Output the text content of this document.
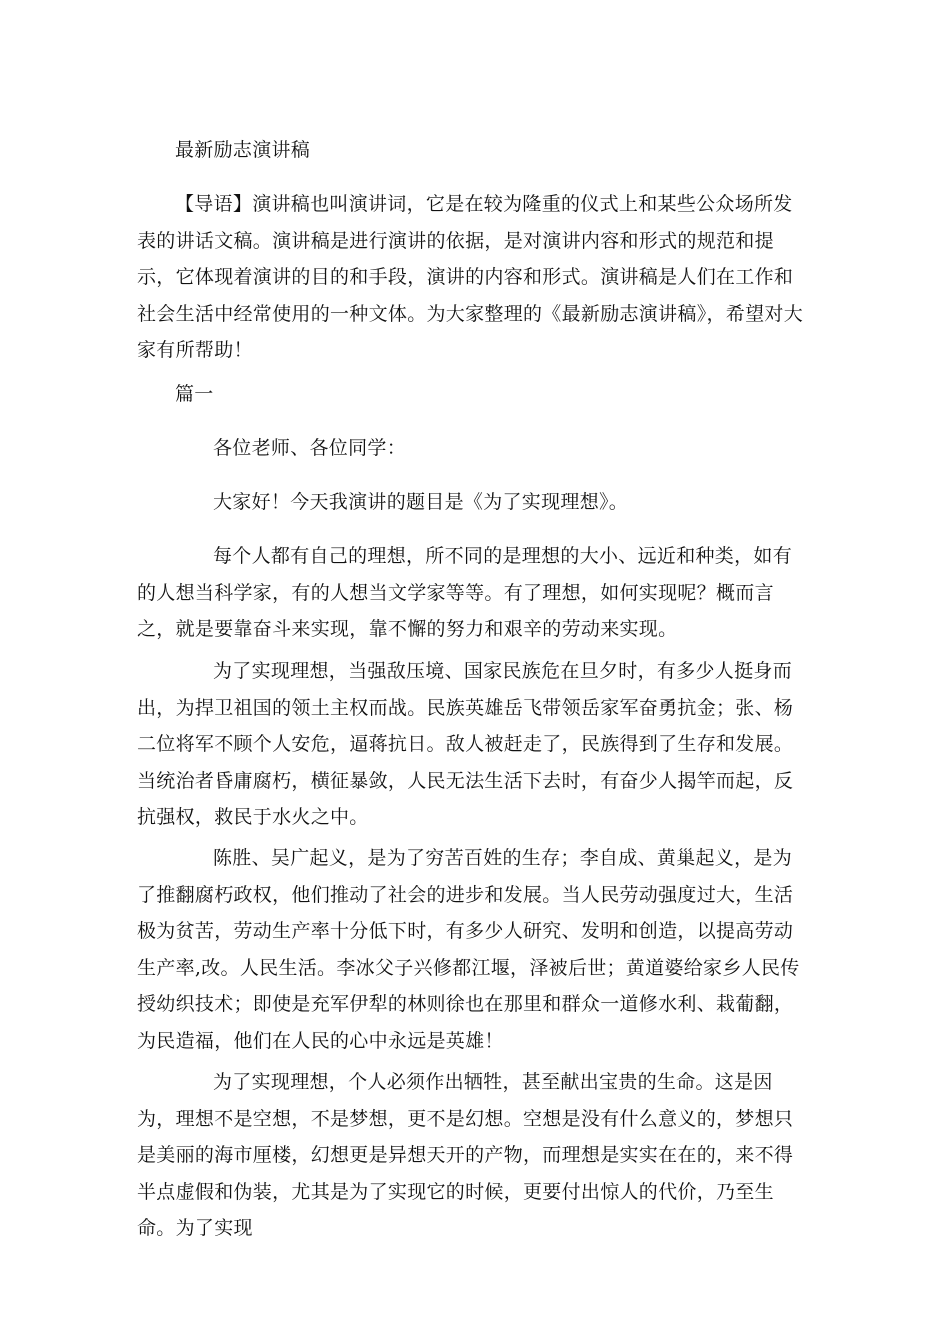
最新励志演讲稿

【导语】演讲稿也叫演讲词，它是在较为隆重的仪式上和某些公众场所发表的讲话文稿。演讲稿是进行演讲的依据，是对演讲内容和形式的规范和提示，它体现着演讲的目的和手段，演讲的内容和形式。演讲稿是人们在工作和社会生活中经常使用的一种文体。为大家整理的《最新励志演讲稿》，希望对大家有所帮助！

篇一

各位老师、各位同学：

大家好！今天我演讲的题目是《为了实现理想》。

每个人都有自己的理想，所不同的是理想的大小、远近和种类，如有的人想当科学家，有的人想当文学家等等。有了理想，如何实现呢？概而言之，就是要靠奋斗来实现，靠不懈的努力和艰辛的劳动来实现。

为了实现理想，当强敌压境、国家民族危在旦夕时，有多少人挺身而出，为捍卫祖国的领土主权而战。民族英雄岳飞带领岳家军奋勇抗金；张、杨二位将军不顾个人安危，逼蒋抗日。敌人被赶走了，民族得到了生存和发展。当统治者昏庸腐朽，横征暴敛，人民无法生活下去时，有奋少人揭竿而起，反抗强权，救民于水火之中。

陈胜、吴广起义，是为了穷苦百姓的生存；李自成、黄巢起义，是为了推翻腐朽政权，他们推动了社会的进步和发展。当人民劳动强度过大，生活极为贫苦，劳动生产率十分低下时，有多少人研究、发明和创造，以提高劳动生产率,改。人民生活。李冰父子兴修都江堰，泽被后世；黄道婆给家乡人民传授幼织技术；即使是充军伊犁的林则徐也在那里和群众一道修水利、栽葡翻，为民造福，他们在人民的心中永远是英雄！

为了实现理想，个人必须作出牺牲，甚至献出宝贵的生命。这是因为，理想不是空想，不是梦想，更不是幻想。空想是没有什么意义的，梦想只是美丽的海市厘楼，幻想更是异想天开的产物，而理想是实实在在的，来不得半点虚假和伪装，尤其是为了实现它的时候，更要付出惊人的代价，乃至生命。为了实现
